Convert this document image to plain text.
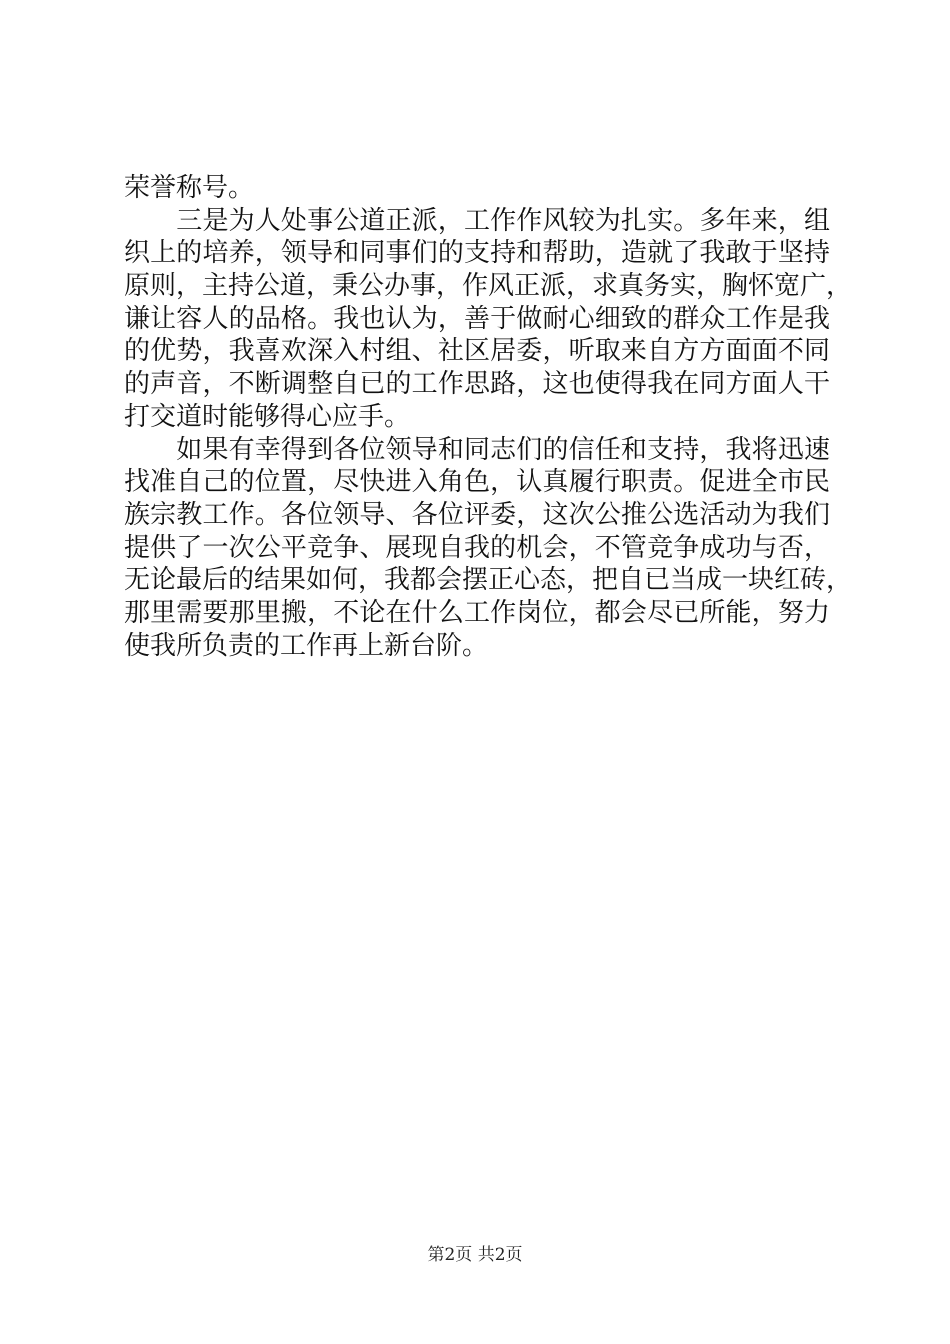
荣誉称号。
　　三是为人处事公道正派，工作作风较为扎实。多年来，组
织上的培养，领导和同事们的支持和帮助，造就了我敢于坚持
原则，主持公道，秉公办事，作风正派，求真务实，胸怀宽广，
谦让容人的品格。我也认为，善于做耐心细致的群众工作是我
的优势，我喜欢深入村组、社区居委，听取来自方方面面不同
的声音，不断调整自已的工作思路，这也使得我在同方面人干
打交道时能够得心应手。
　　如果有幸得到各位领导和同志们的信任和支持，我将迅速
找准自己的位置，尽快进入角色，认真履行职责。促进全市民
族宗教工作。各位领导、各位评委，这次公推公选活动为我们
提供了一次公平竞争、展现自我的机会，不管竞争成功与否，
无论最后的结果如何，我都会摆正心态，把自已当成一块红砖，
那里需要那里搬，不论在什么工作岗位，都会尽已所能，努力
使我所负责的工作再上新台阶。
第2页 共2页
